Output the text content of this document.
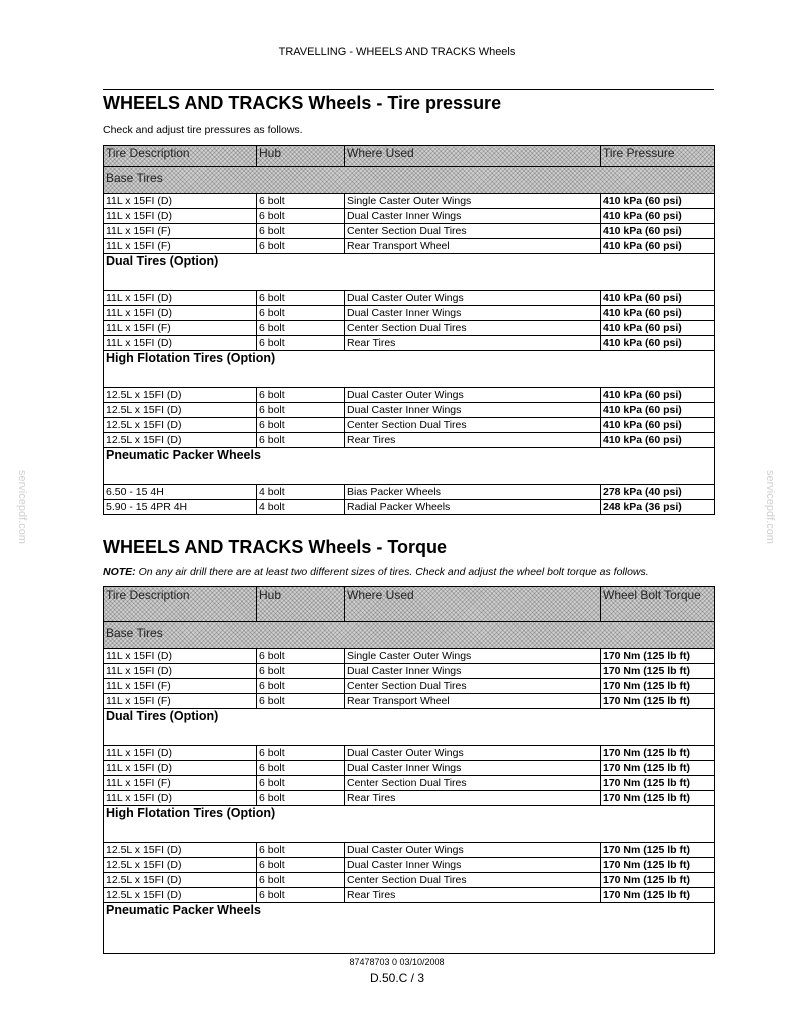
TRAVELLING - WHEELS AND TRACKS Wheels
WHEELS AND TRACKS Wheels - Tire pressure
Check and adjust tire pressures as follows.
Tire Description	Hub	Where Used	Tire Pressure
Base Tires			
11L x 15FI (D)	6 bolt	Single Caster Outer Wings	410 kPa (60 psi)
11L x 15FI (D)	6 bolt	Dual Caster Inner Wings	410 kPa (60 psi)
11L x 15FI (F)	6 bolt	Center Section Dual Tires	410 kPa (60 psi)
11L x 15FI (F)	6 bolt	Rear Transport Wheel	410 kPa (60 psi)
Dual Tires (Option)			

11L x 15FI (D)	6 bolt	Dual Caster Outer Wings	410 kPa (60 psi)
11L x 15FI (D)	6 bolt	Dual Caster Inner Wings	410 kPa (60 psi)
11L x 15FI (F)	6 bolt	Center Section Dual Tires	410 kPa (60 psi)
11L x 15FI (D)	6 bolt	Rear Tires	410 kPa (60 psi)
High Flotation Tires (Option)			

12.5L x 15FI (D)	6 bolt	Dual Caster Outer Wings	410 kPa (60 psi)
12.5L x 15FI (D)	6 bolt	Dual Caster Inner Wings	410 kPa (60 psi)
12.5L x 15FI (D)	6 bolt	Center Section Dual Tires	410 kPa (60 psi)
12.5L x 15FI (D)	6 bolt	Rear Tires	410 kPa (60 psi)
Pneumatic Packer Wheels			

6.50 - 15 4H	4 bolt	Bias Packer Wheels	278 kPa (40 psi)
5.90 - 15 4PR 4H	4 bolt	Radial Packer Wheels	248 kPa (36 psi)
WHEELS AND TRACKS Wheels - Torque
NOTE: On any air drill there are at least two different sizes of tires. Check and adjust the wheel bolt torque as follows.
Tire Description	Hub	Where Used	Wheel Bolt Torque
Base Tires			
11L x 15FI (D)	6 bolt	Single Caster Outer Wings	170 Nm (125 lb ft)
11L x 15FI (D)	6 bolt	Dual Caster Inner Wings	170 Nm (125 lb ft)
11L x 15FI (F)	6 bolt	Center Section Dual Tires	170 Nm (125 lb ft)
11L x 15FI (F)	6 bolt	Rear Transport Wheel	170 Nm (125 lb ft)
Dual Tires (Option)			

11L x 15FI (D)	6 bolt	Dual Caster Outer Wings	170 Nm (125 lb ft)
11L x 15FI (D)	6 bolt	Dual Caster Inner Wings	170 Nm (125 lb ft)
11L x 15FI (F)	6 bolt	Center Section Dual Tires	170 Nm (125 lb ft)
11L x 15FI (D)	6 bolt	Rear Tires	170 Nm (125 lb ft)
High Flotation Tires (Option)			

12.5L x 15FI (D)	6 bolt	Dual Caster Outer Wings	170 Nm (125 lb ft)
12.5L x 15FI (D)	6 bolt	Dual Caster Inner Wings	170 Nm (125 lb ft)
12.5L x 15FI (D)	6 bolt	Center Section Dual Tires	170 Nm (125 lb ft)
12.5L x 15FI (D)	6 bolt	Rear Tires	170 Nm (125 lb ft)
Pneumatic Packer Wheels			

87478703 0 03/10/2008
D.50.C / 3
servicepdf.com	servicepdf.com
